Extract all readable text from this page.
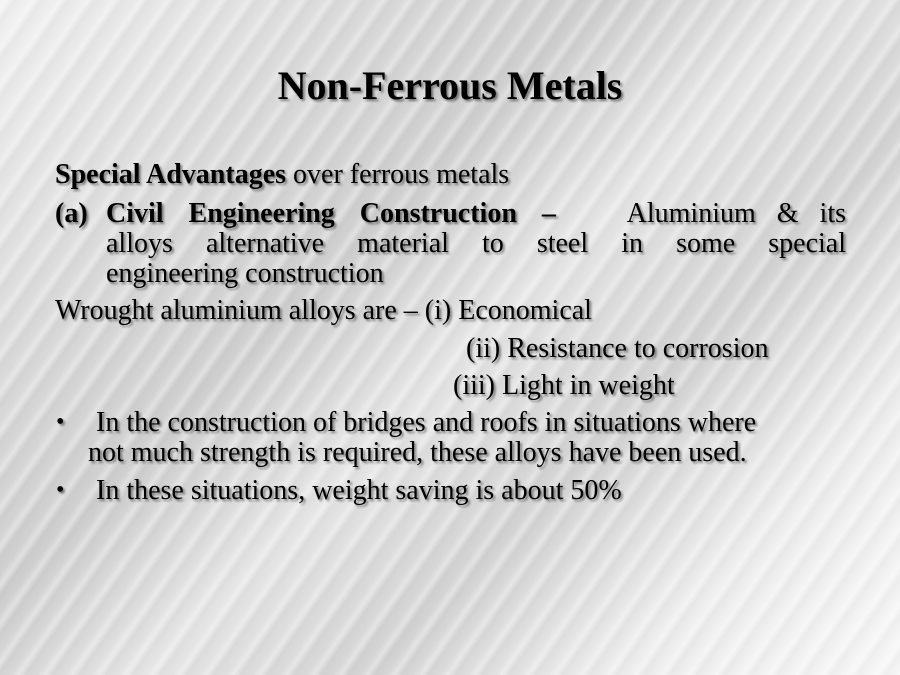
Non-Ferrous Metals
Special Advantages over ferrous metals
(a) Civil Engineering Construction –	Aluminium & its
alloys alternative material to steel in some special
engineering construction
Wrought aluminium alloys are – (i) Economical
(ii) Resistance to corrosion
(iii) Light in weight
• In the construction of bridges and roofs in situations where
not much strength is required, these alloys have been used.
• In these situations, weight saving is about 50%
